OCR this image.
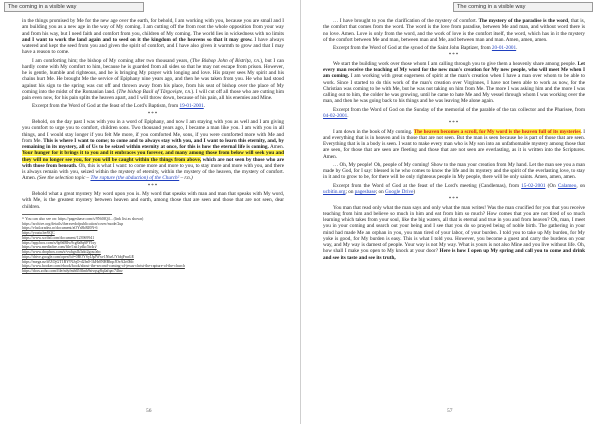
The coming in a visible way

in the things promised by Me for the new age over the earth, for behold, I am working with you, because you are small and I am building you as a new age in the way of My coming. I am cutting off the from root the whole opposition from your way and from his way, but I need faith and comfort from you, children of My coming. The world lies in wickedness with no limits and I want to work the land again and to seed on it the kingdom of the heavens so that it may grow. I have always watered and kept the seed from you and given the spirit of comfort, and I have also given it warmth to grow and that I may have a reason to come.

I am comforting him; the bishop of My coming after two thousand years, (The Bishop John of Bistrița, r.n.), but I can hardly come with My comfort to him, because he is guarded from all sides so that he may not escape from prison. However, he is gentle, humble and righteous, and he is bringing My prayer with longing and love. His prayer sees My spirit and his chains hurt Me. He brought Me the service of Epiphany nine years ago, and then he was taken from you. He who had stood against his sign to the spring was cut off and thrown away from his place, from his seat of bishop over the place of My coming into the midst of the Romanian land. (The bishop Basil of Târgoviște, r.n.). I will cut off all those who are cutting him pain even now, for his pain splits the heaven apart, and I will throw down, because of his pain, all his enemies and Mine.

Excerpt from the Word of God at the feast of the Lord's Baptism, from 19-01-2001.

***

Behold, on the day past I was with you in a word of Epiphany, and now I am staying with you as well and I am giving you comfort to urge you to comfort, children sons. Two thousand years ago, I became a man like you. I am with you in all things, and I would stay longer if you felt Me more, if you comforted Me, sons, if you were comforted more with Me and from Me. This is where I want to come; to come and to always stay with you, and I want to learn this eternity, and, by remaining in its mystery, all of Us to be seized within eternity at once, for this is how the eternal life is coming. Amen. Your hunger for it brings it to you and it embraces you forever, and many among those from below will seek you and they will no longer see you, for you will be caught within the things from above, which are not seen by those who are with those from beneath. Oh, this is what I want: to come more and more to you, to stay more and more with you, and there is always remain with you, seized within the mystery of eternity, within the mystery of the heaven, the mystery of comfort. Amen. (See the selection topic – The rapture (the abduction) of the Church² – r.n.)

***

Behold what a great mystery My word upon you is. My word that speaks with man and man that speaks with My word, with Me, is the greatest mystery between heaven and earth, among those that are seen and those that are not seen, dear children.

²¹ You can also see on: https://pagesbase.com/s/9Nt0fQ4... (link list as shown)
https://archive.org/details/theravedofpublication/cover/mode/2up
https://vlad.oradea.ro/document/aOYs8bRJ0N-6
https://youtu.be/6QC
https://www.scribd.com/document/123969941
https://app.box.com/s/6p9dBIw9cg8a8q6FYlxy
https://www.mediafire.com/file/1stt1ydkc5tr4ri/
https://www.dropbox.com/s/vwbgxlk3zkt2gou/abc
https://drive.google.com/open?id=0BOYSyIJpJWxv1NbzUYhbjFnuGE
https://mega.nz/#!ZOjGT1BY!NJqO-d2fn0-1kHr0NHBbqrJOeA2rt0hb
https://www.booker.com/ebook/book/about-the-second-coming-of-jesus-christ-the-rapture-of-the-church
https://docs.zoho.com/file/ndyfmh65ffhnh9stvqsg8q4afqac74hw
56
The coming in a visible way

… I have brought to you the clarification of the mystery of comfort. The mystery of the paradise is the word, that is, the comfort that comes from the word. The word is the love from paradise, between Me and man, and without word there is no love. Amen. Love is only from the word, and the work of love is the comfort itself, the word, which has in it the mystery of the comfort between Me and man, between man and Me, and between man and man. Amen, amen, amen.

Excerpt from the Word of God at the synod of the Saint John Baptizer, from 20-01-2001.

***

We start the building work over those whom I am calling through you to give them a heavenly share among people. Let every man receive the teaching of My word for the new man's creation for My new people, who will meet Me when I am coming. I am working with great eagerness of spirit at the man's creation when I have a man over whom to be able to work. Since I started to do this work of the man's creation over Virginnes, I have not been able to work as now, for the Christian was coming to be with Me, but he was not taking on him from Me. The more I was asking him and the more I was calling out to him, the colder he was growing, until he came to hate Me and My vessel through whom I was working over the man, and then he was going back to his things and he was leaving Me alone again.

Excerpt from the Word of God on the Sunday of the memorial of the parable of the tax collector and the Pharisee, from 04-02-2001.

***

I am down in the book of My coming. The heaven becomes a scroll, for My word is the heaven full of its mysteries. I and everything that is in heaven and in those that are not seen. But the man is seen because he is part of those that are seen. Everything that is in a body is seen. I want to make every man who is My son into an unfathomable mystery among those that are seen, for those that are seen are fleeting and those that are not seen are everlasting, as it is written into the Scriptures. Amen.

… Oh, My people! Oh, people of My coming! Show to the man your creation from My hand. Let the man see you a man made by God, for I say: blessed is he who comes to know the life and its mystery and the spirit of the everlasting love, to stay in it and to grow to be, for there will be only righteous people in My people, there will be only saints. Amen, amen, amen.

Excerpt from the Word of God at the feast of the Lord's meeting (Candlemas), from 15-02-2001 (On Calameo, on ucbitin.org; on pagesbase; on Google Drive)

***

You man that read only what the man says and only what the man writes! Was the man crucified for you that you receive teaching from him and believe so much in him and eat from him so much? How comes that you are not tired of so much learning which takes from your soul, like the big waters, all that is eternal and true in you and from heaven? Oh, man, I meet you in your coming and search out your being and I see that you do so prayed being of noble birth. The gathering in your mind had made Me an orphan in you, you man tired of your labor, of your burden. I told you to take up My burden, for My yoke is good, for My burden is easy. This is what I told you. However, you become a guest and carry the burdens on your way, and My way is darnest of people. Your way is not My way. What is yours is not also Mine and you live without life. Oh, how shall I make you open to My knock at your door? Here is how I open up My spring and call you to come and drink and see its taste and see its truth,

57
